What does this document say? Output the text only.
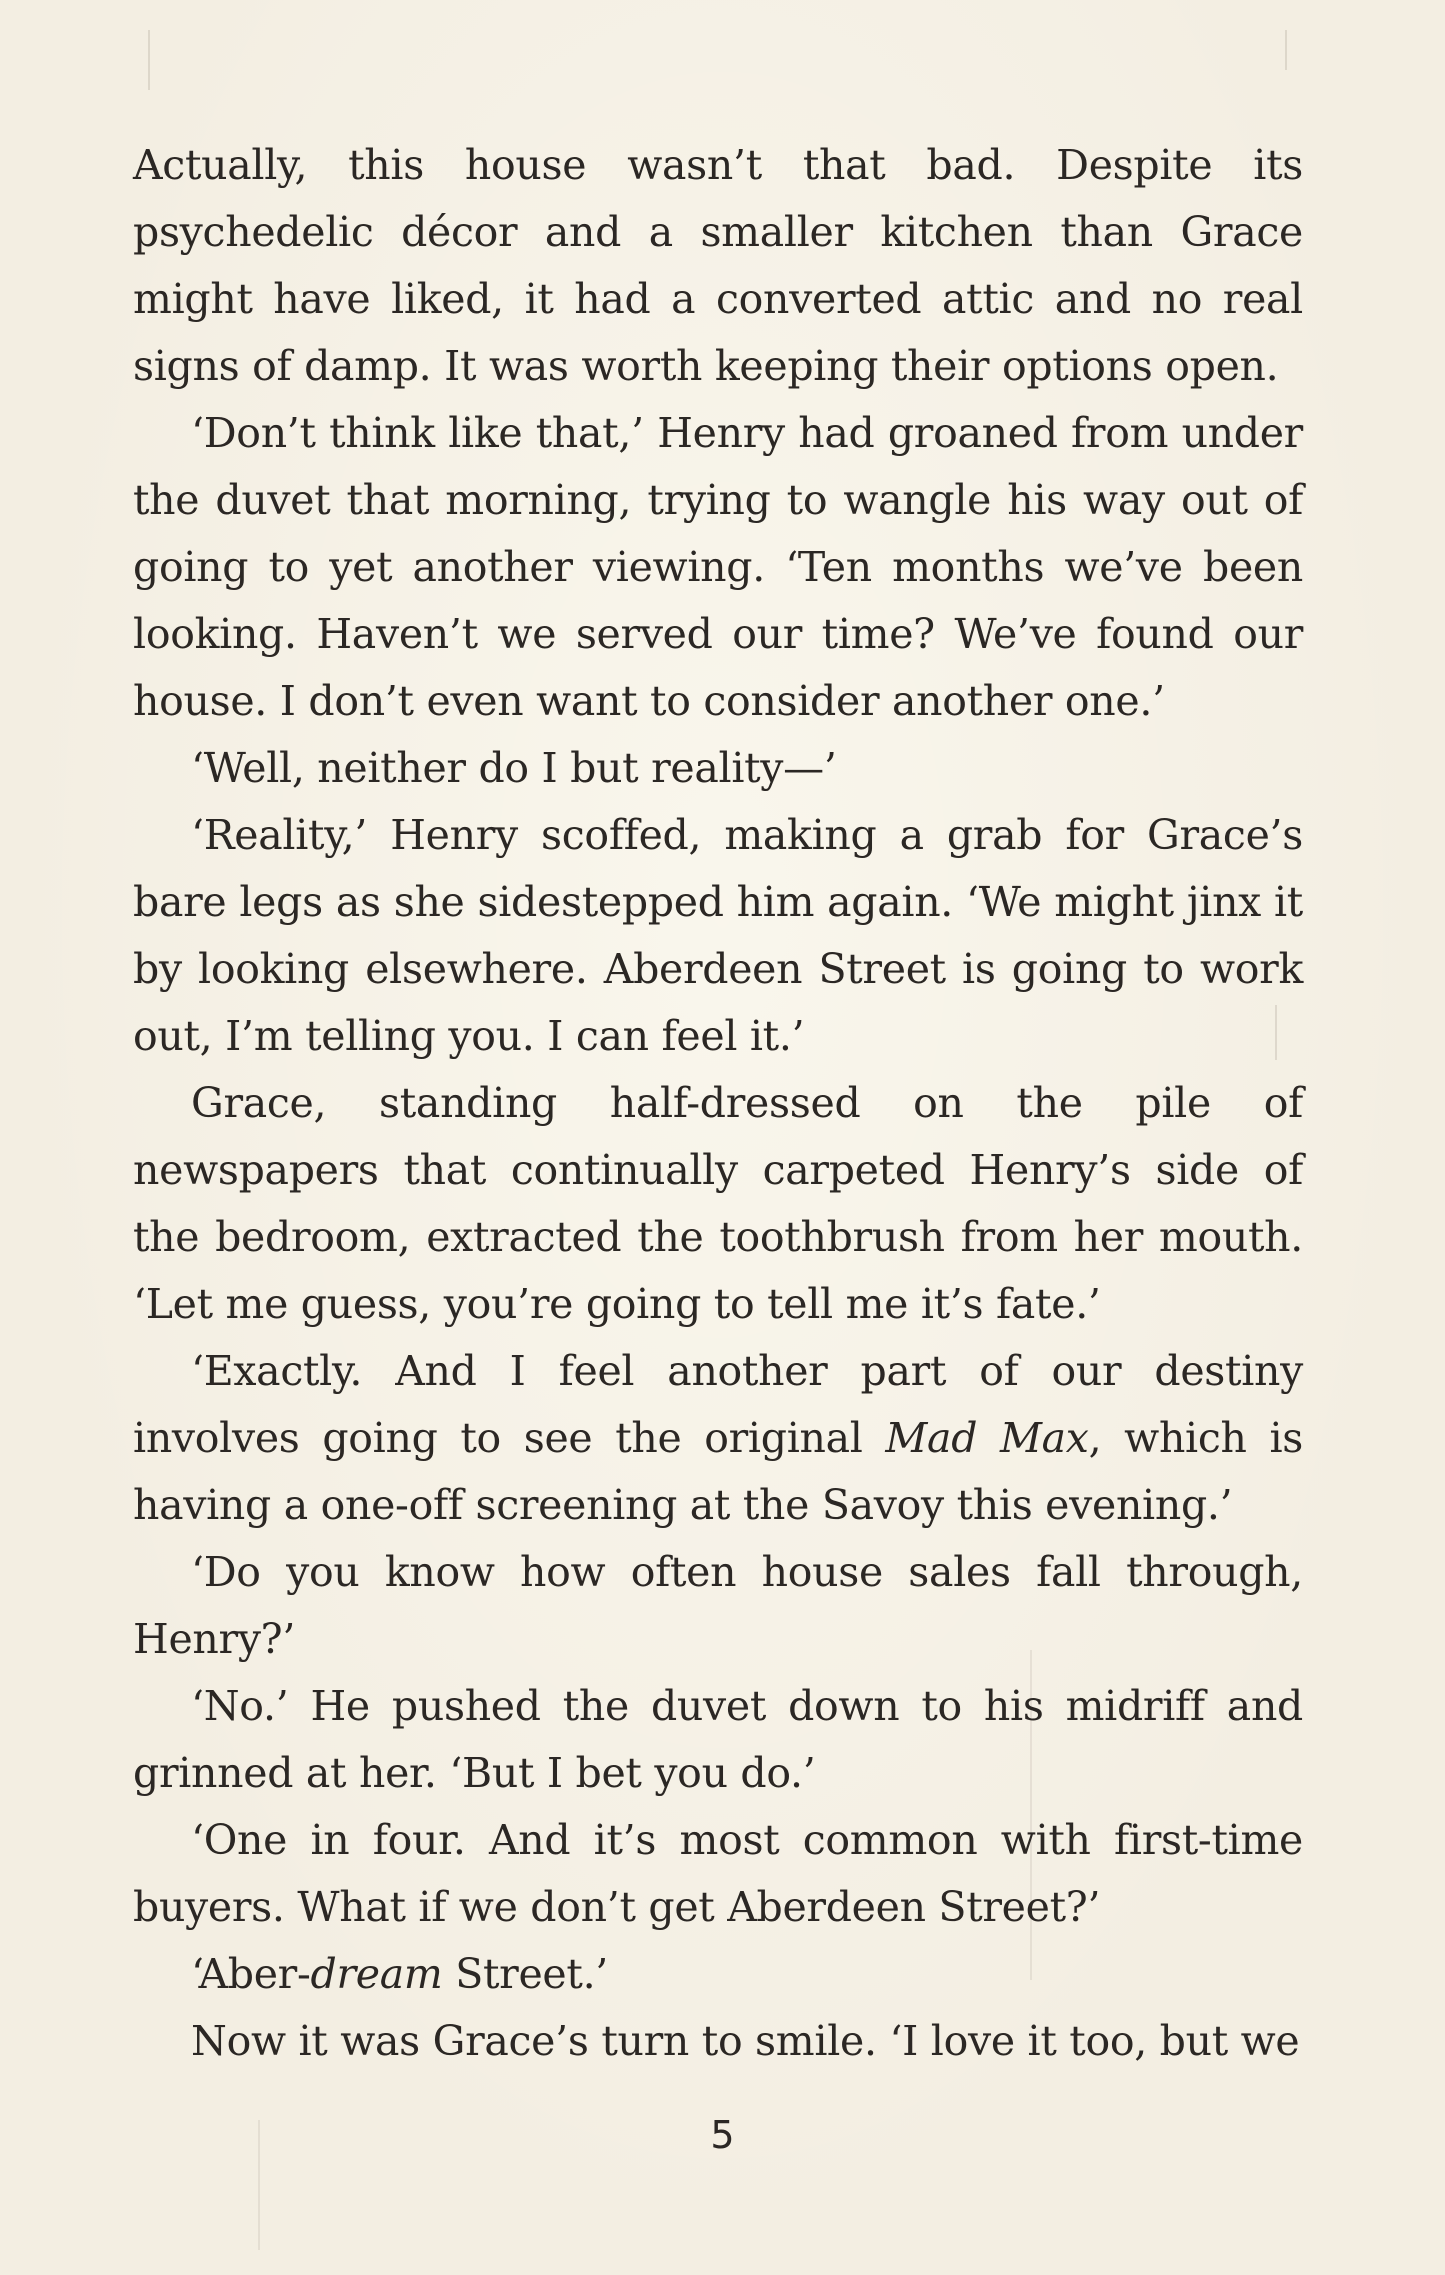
Actually, this house wasn’t that bad. Despite its psychedelic décor and a smaller kitchen than Grace might have liked, it had a converted attic and no real signs of damp. It was worth keeping their options open.

‘Don’t think like that,’ Henry had groaned from under the duvet that morning, trying to wangle his way out of going to yet another viewing. ‘Ten months we’ve been looking. Haven’t we served our time? We’ve found our house. I don’t even want to consider another one.’

‘Well, neither do I but reality—’

‘Reality,’ Henry scoffed, making a grab for Grace’s bare legs as she sidestepped him again. ‘We might jinx it by looking elsewhere. Aberdeen Street is going to work out, I’m telling you. I can feel it.’

Grace, standing half-dressed on the pile of newspapers that continually carpeted Henry’s side of the bedroom, extracted the toothbrush from her mouth. ‘Let me guess, you’re going to tell me it’s fate.’

‘Exactly. And I feel another part of our destiny involves going to see the original Mad Max, which is having a one-off screening at the Savoy this evening.’

‘Do you know how often house sales fall through, Henry?’

‘No.’ He pushed the duvet down to his midriff and grinned at her. ‘But I bet you do.’

‘One in four. And it’s most common with first-time buyers. What if we don’t get Aberdeen Street?’

‘Aber-dream Street.’

Now it was Grace’s turn to smile. ‘I love it too, but we

5
